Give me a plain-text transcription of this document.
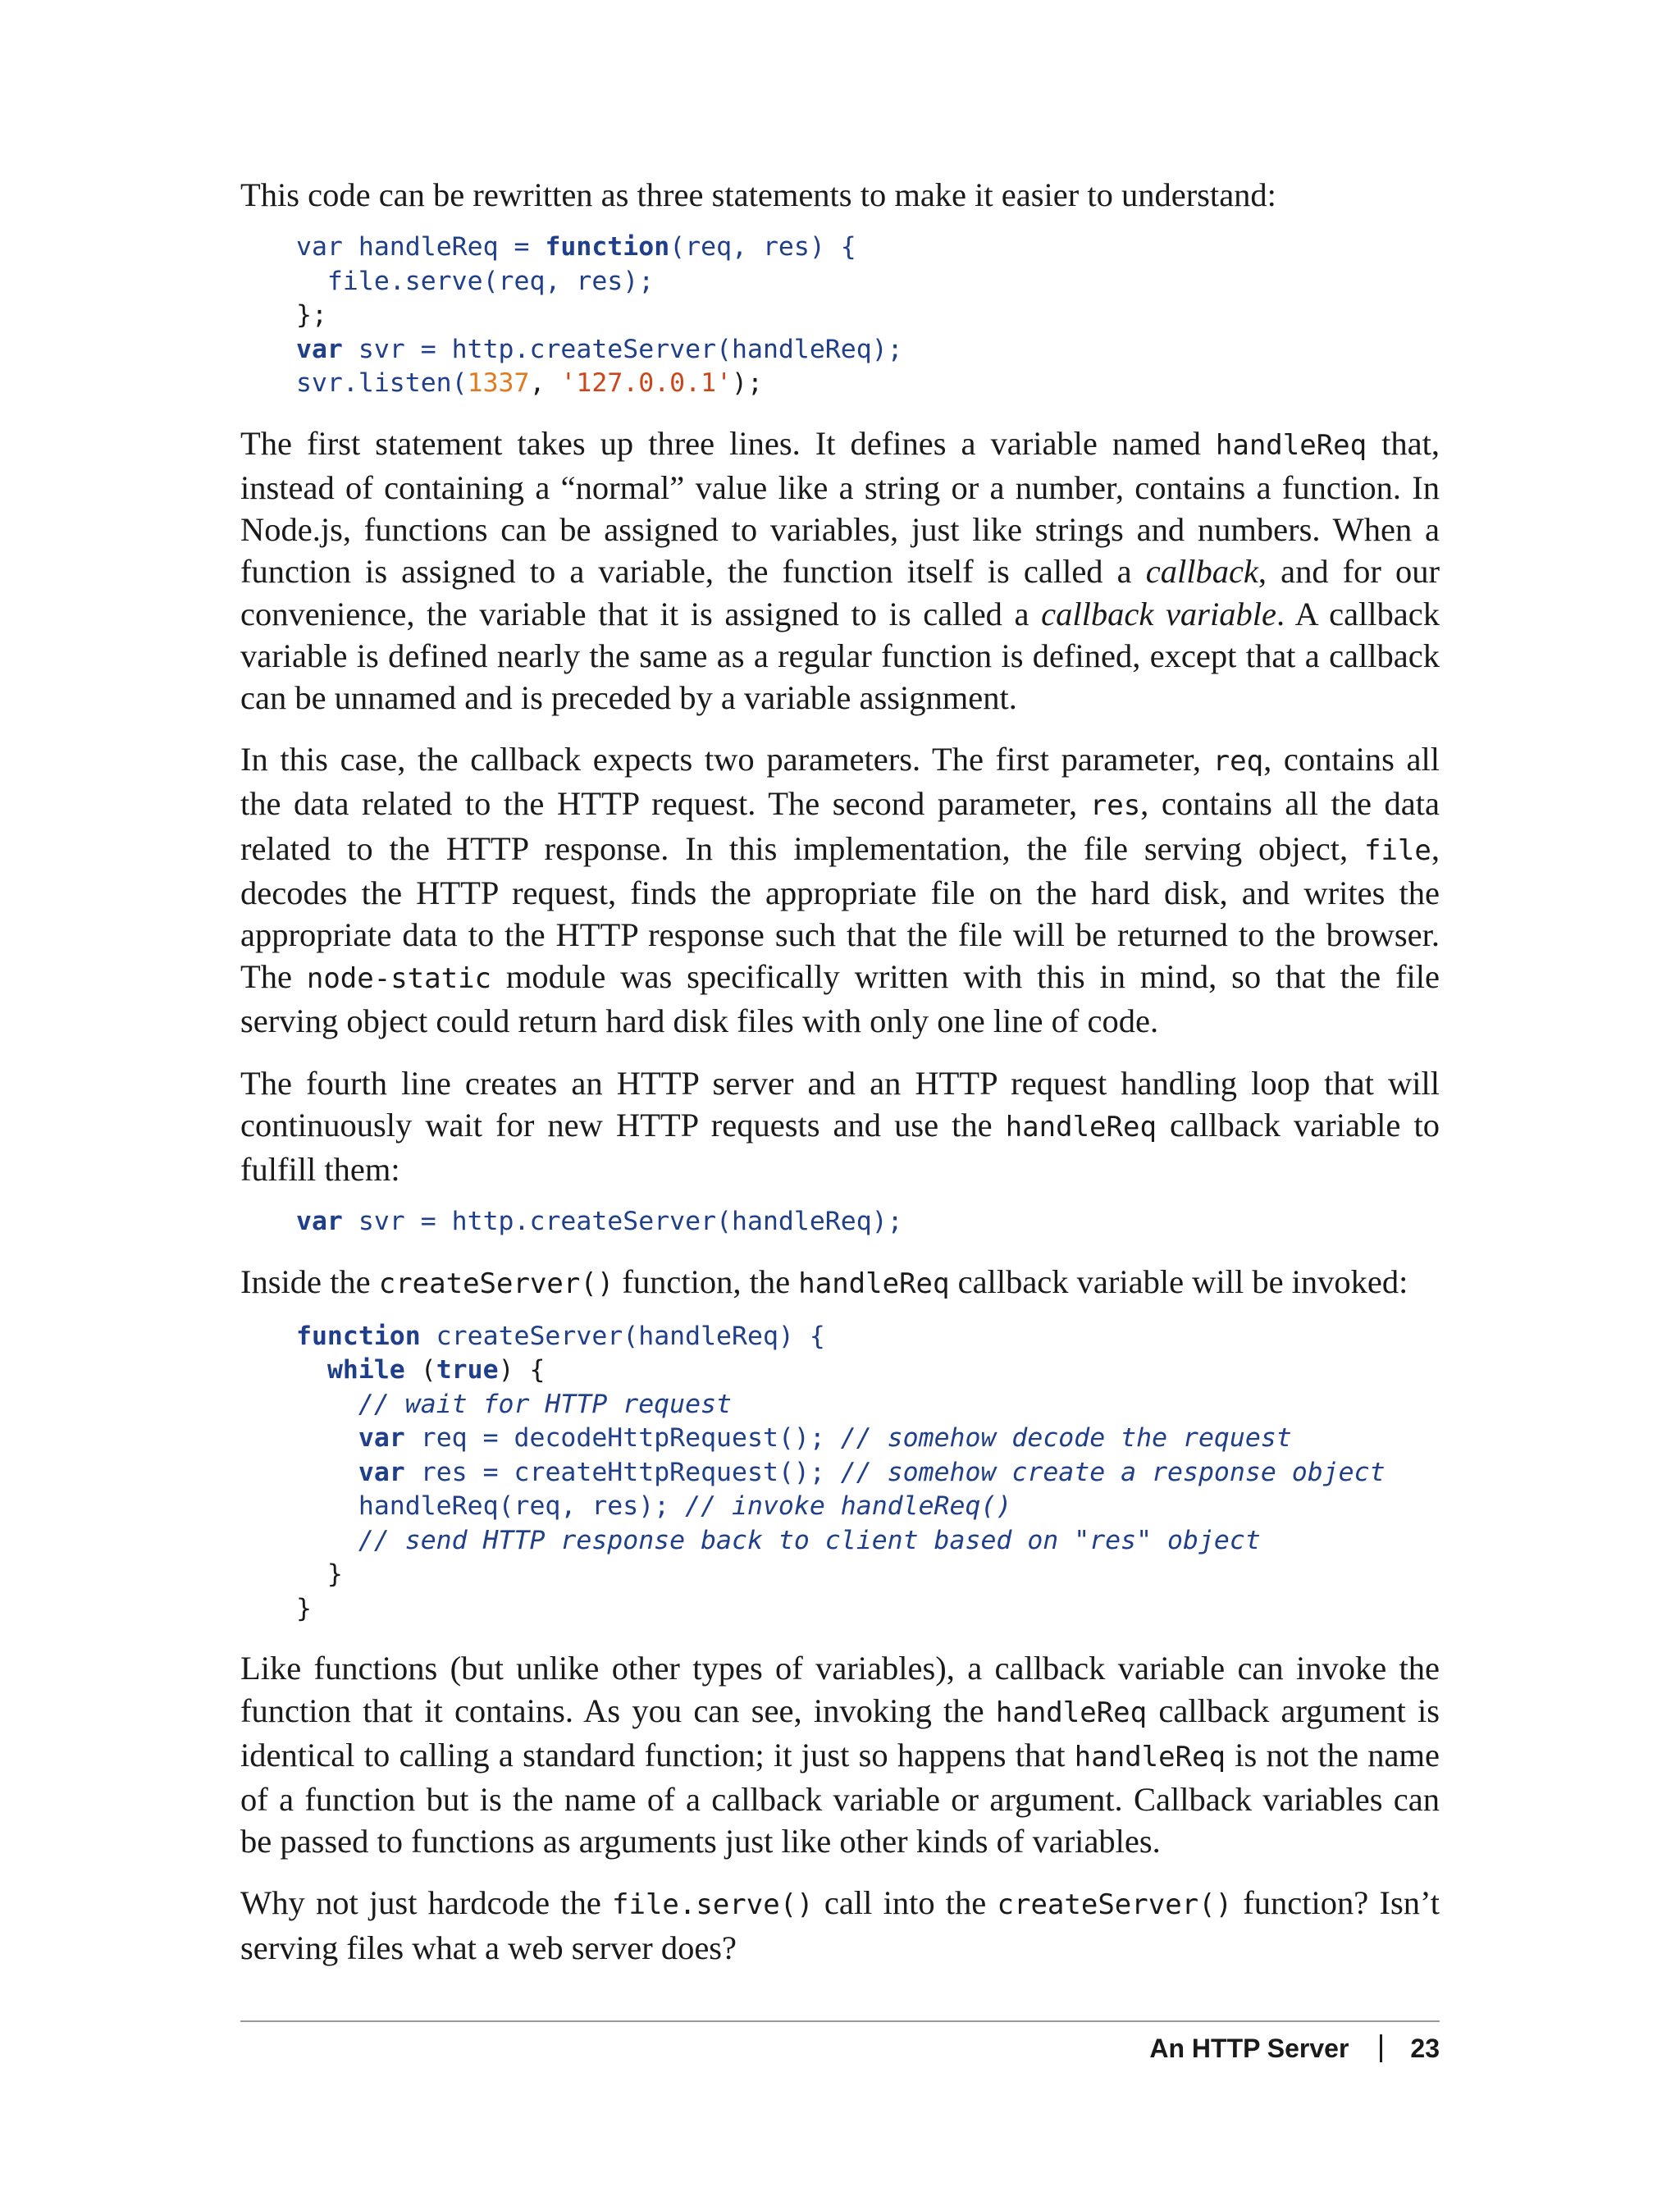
This code can be rewritten as three statements to make it easier to understand:

var handleReq = function(req, res) {
file.serve(req, res);
};
var svr = http.createServer(handleReq);
svr.listen(1337, '127.0.0.1');

The first statement takes up three lines. It defines a variable named handleReq that, instead of containing a “normal” value like a string or a number, contains a function. In Node.js, functions can be assigned to variables, just like strings and numbers. When a function is assigned to a variable, the function itself is called a callback, and for our convenience, the variable that it is assigned to is called a callback variable. A callback variable is defined nearly the same as a regular function is defined, except that a callback can be unnamed and is preceded by a variable assignment.

In this case, the callback expects two parameters. The first parameter, req, contains all the data related to the HTTP request. The second parameter, res, contains all the data related to the HTTP response. In this implementation, the file serving object, file, decodes the HTTP request, finds the appropriate file on the hard disk, and writes the appropriate data to the HTTP response such that the file will be returned to the browser. The node-static module was specifically written with this in mind, so that the file serving object could return hard disk files with only one line of code.

The fourth line creates an HTTP server and an HTTP request handling loop that will continuously wait for new HTTP requests and use the handleReq callback variable to fulfill them:

var svr = http.createServer(handleReq);

Inside the createServer() function, the handleReq callback variable will be invoked:

function createServer(handleReq) {
while (true) {
// wait for HTTP request
var req = decodeHttpRequest(); // somehow decode the request
var res = createHttpRequest(); // somehow create a response object
handleReq(req, res); // invoke handleReq()
// send HTTP response back to client based on "res" object
}
}

Like functions (but unlike other types of variables), a callback variable can invoke the function that it contains. As you can see, invoking the handleReq callback argument is identical to calling a standard function; it just so happens that handleReq is not the name of a function but is the name of a callback variable or argument. Callback variables can be passed to functions as arguments just like other kinds of variables.

Why not just hardcode the file.serve() call into the createServer() function? Isn’t serving files what a web server does?

An HTTP Server 23
